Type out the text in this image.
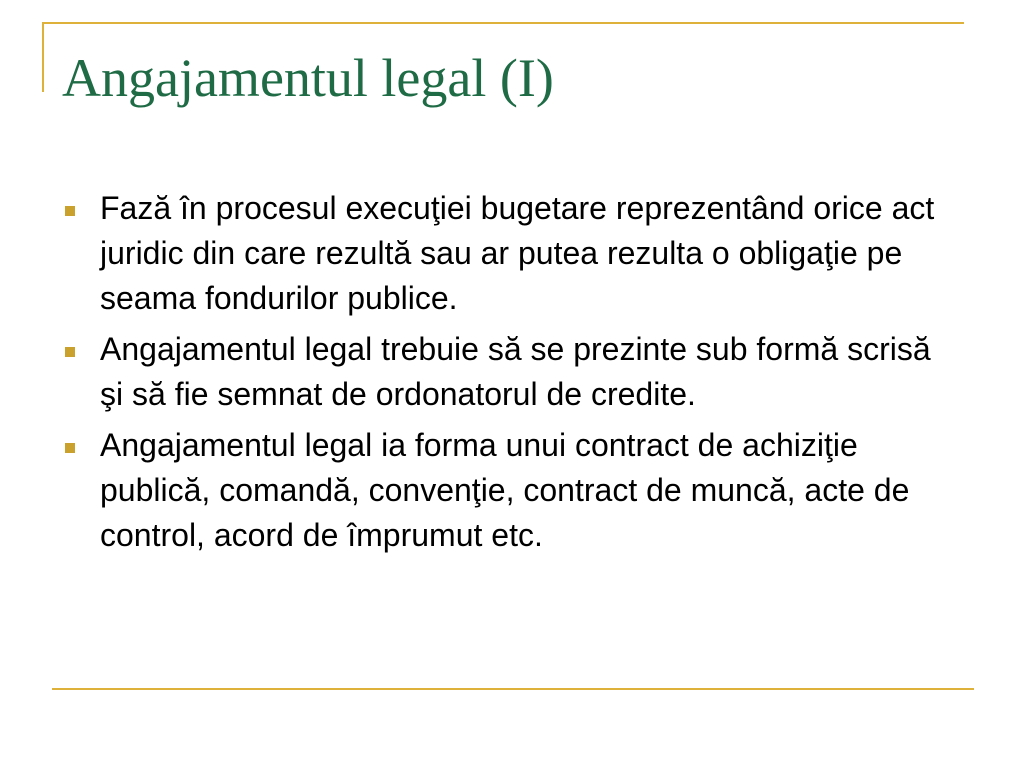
Angajamentul legal (I)
Fază în procesul execuţiei bugetare reprezentând orice act juridic din care rezultă sau ar putea rezulta o obligaţie pe seama fondurilor publice.
Angajamentul legal trebuie să se prezinte sub formă scrisă şi să fie semnat de ordonatorul de credite.
Angajamentul legal ia forma unui contract de achiziţie publică, comandă, convenţie, contract de muncă, acte de control, acord de împrumut etc.
